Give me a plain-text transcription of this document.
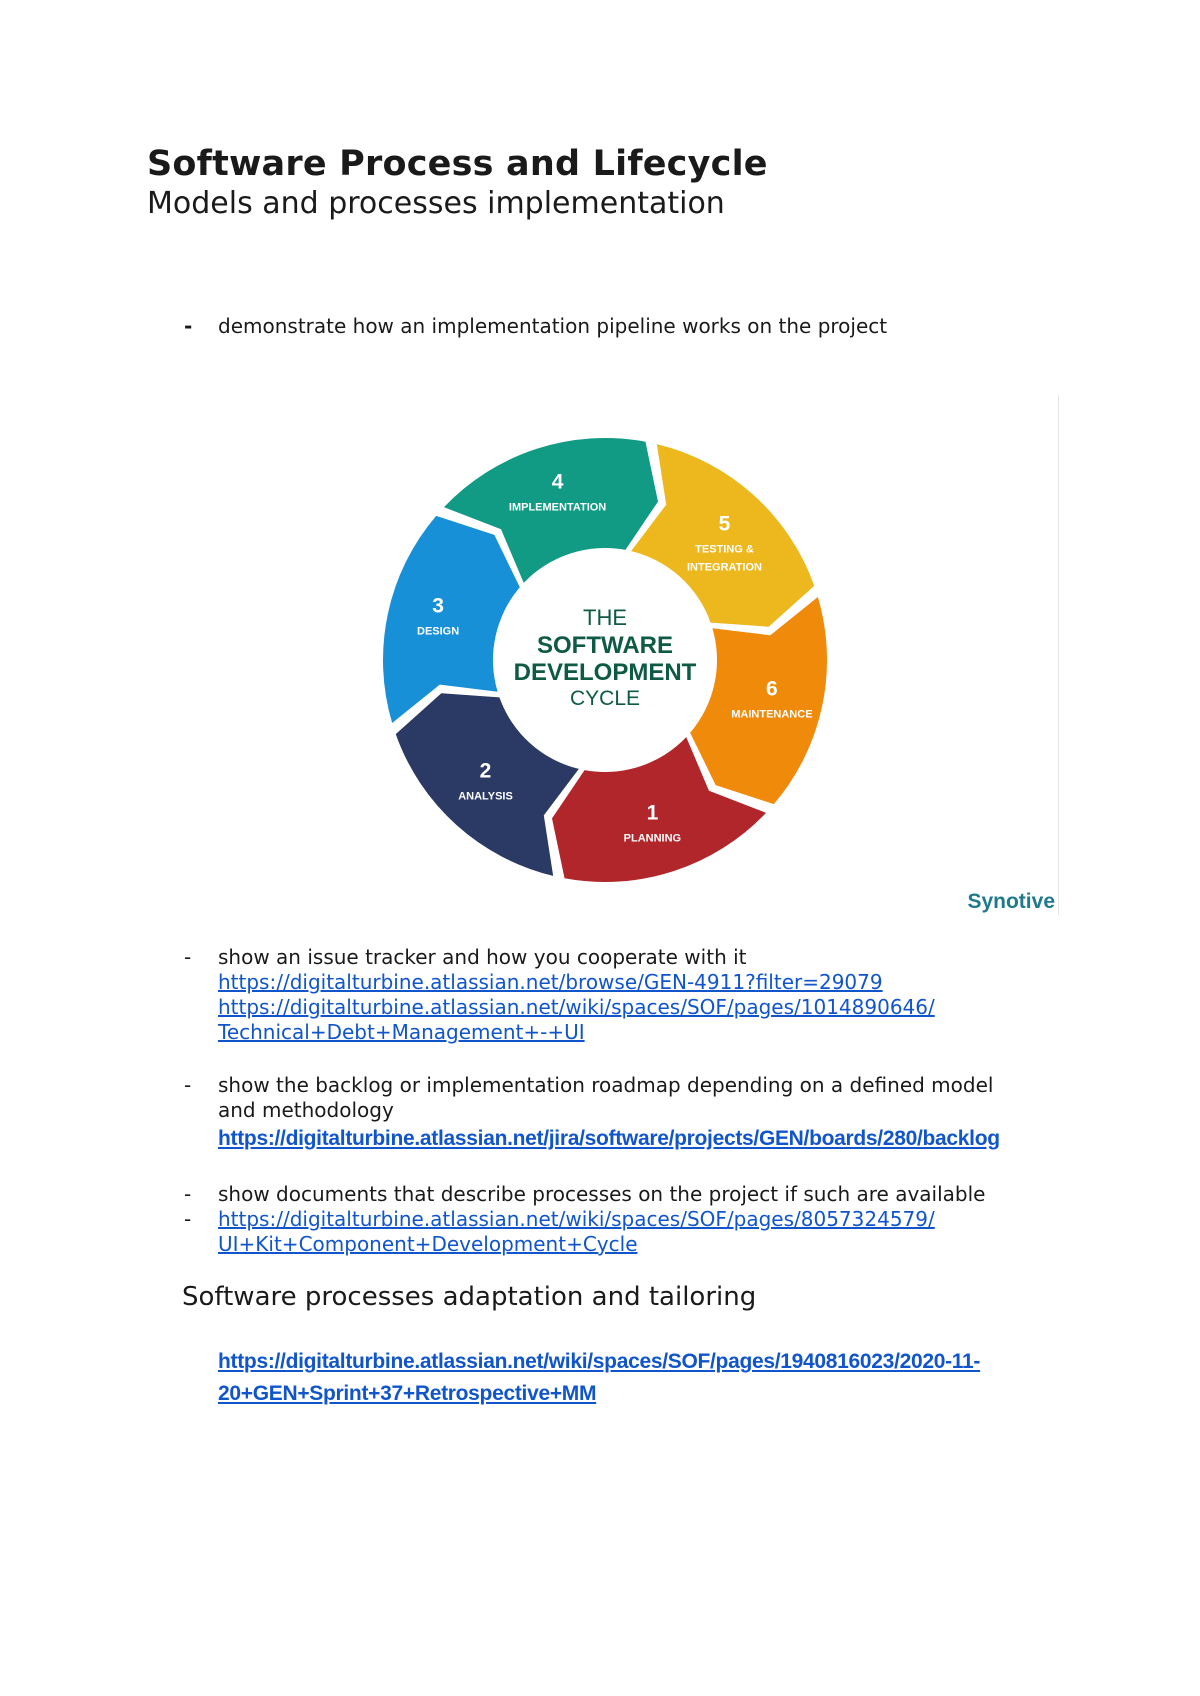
Software Process and Lifecycle
Models and processes implementation
- demonstrate how an implementation pipeline works on the project
THE
SOFTWARE
DEVELOPMENT
CYCLE
1
PLANNING
2
ANALYSIS
3
DESIGN
4
IMPLEMENTATION
5
TESTING &
INTEGRATION
6
MAINTENANCE
Synotive
- show an issue tracker and how you cooperate with it
https://digitalturbine.atlassian.net/browse/GEN-4911?filter=29079
https://digitalturbine.atlassian.net/wiki/spaces/SOF/pages/1014890646/
Technical+Debt+Management+-+UI
- show the backlog or implementation roadmap depending on a defined model
and methodology
https://digitalturbine.atlassian.net/jira/software/projects/GEN/boards/280/backlog
- show documents that describe processes on the project if such are available
- https://digitalturbine.atlassian.net/wiki/spaces/SOF/pages/8057324579/
UI+Kit+Component+Development+Cycle
Software processes adaptation and tailoring
https://digitalturbine.atlassian.net/wiki/spaces/SOF/pages/1940816023/2020-11-
20+GEN+Sprint+37+Retrospective+MM
